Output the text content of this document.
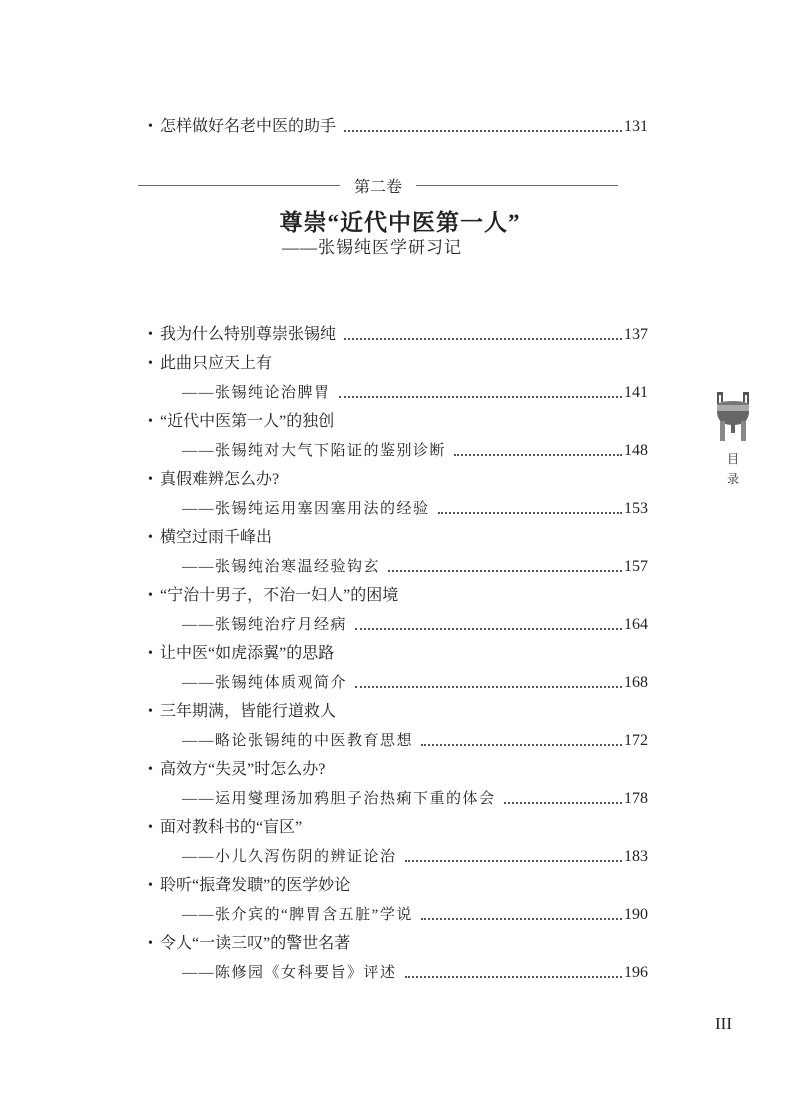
• 怎样做好名老中医的助手	131
第二卷
尊崇“近代中医第一人”
——张锡纯医学研习记
• 我为什么特别尊崇张锡纯	137
• 此曲只应天上有
——张锡纯论治脾胃	141
• “近代中医第一人”的独创
——张锡纯对大气下陷证的鉴别诊断	148
• 真假难辨怎么办?
——张锡纯运用塞因塞用法的经验	153
• 横空过雨千峰出
——张锡纯治寒温经验钩玄	157
• “宁治十男子，不治一妇人”的困境
——张锡纯治疗月经病	164
• 让中医“如虎添翼”的思路
——张锡纯体质观简介	168
• 三年期满，皆能行道救人
——略论张锡纯的中医教育思想	172
• 高效方“失灵”时怎么办?
——运用燮理汤加鸦胆子治热痢下重的体会	178
• 面对教科书的“盲区”
——小儿久泻伤阴的辨证论治	183
• 聆听“振聋发聩”的医学妙论
——张介宾的“脾胃含五脏”学说	190
• 令人“一读三叹”的警世名著
——陈修园《女科要旨》评述	196
目
录
III
